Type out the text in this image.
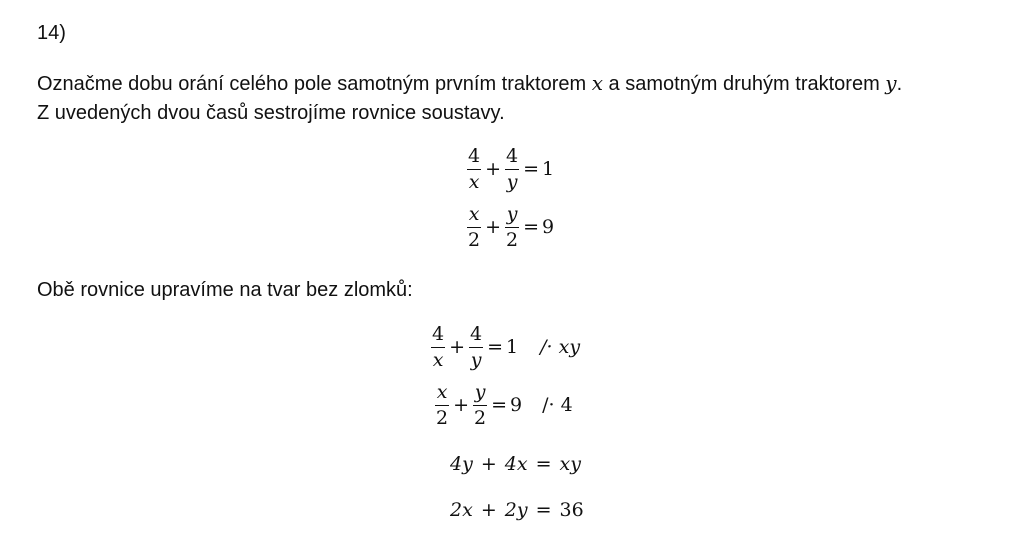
14)
Označme dobu orání celého pole samotným prvním traktorem x a samotným druhým traktorem y.
Z uvedených dvou časů sestrojíme rovnice soustavy.
$\frac{4}{x} + \frac{4}{y} = 1$
$\frac{x}{2} + \frac{y}{2} = 9$
Obě rovnice upravíme na tvar bez zlomků:
$\frac{4}{x} + \frac{4}{y} = 1$ /· xy
$\frac{x}{2} + \frac{y}{2} = 9 /\cdot 4$
4y + 4x = xy
2x + 2y = 36
